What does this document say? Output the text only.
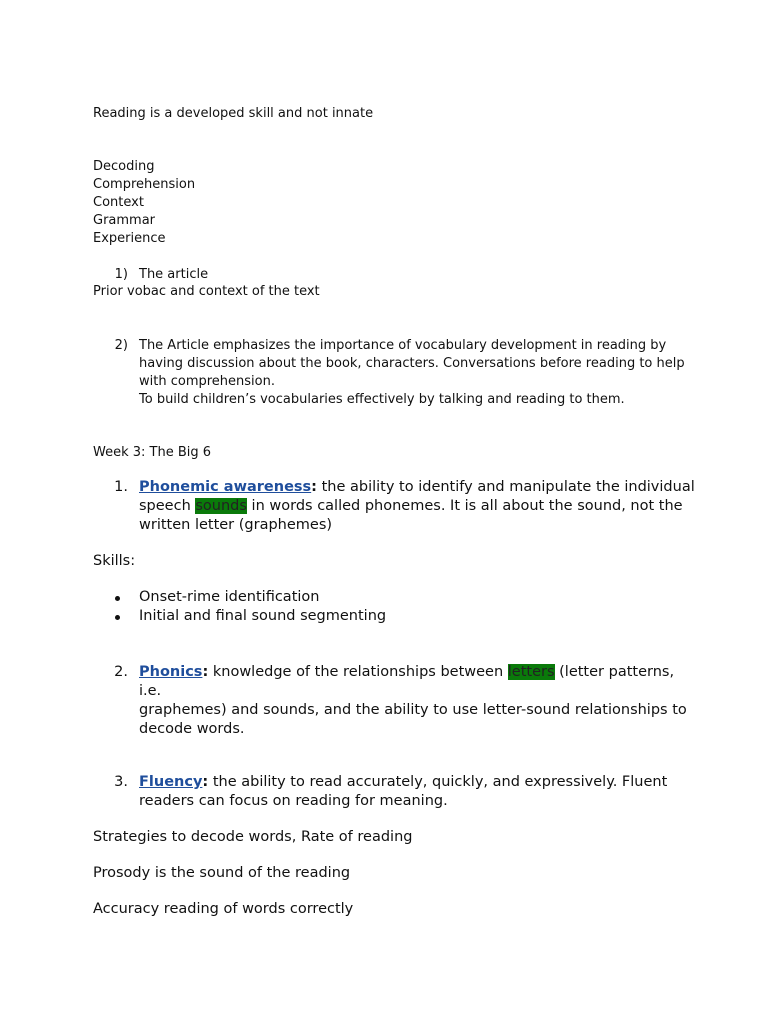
Reading is a developed skill and not innate
Decoding
Comprehension
Context
Grammar
Experience
1) The article
Prior vobac and context of the text
2) The Article emphasizes the importance of vocabulary development in reading by
having discussion about the book, characters. Conversations before reading to help
with comprehension.
To build children’s vocabularies effectively by talking and reading to them.
Week 3: The Big 6
1. Phonemic awareness: the ability to identify and manipulate the individual
speech sounds in words called phonemes. It is all about the sound, not the
written letter (graphemes)
Skills:
Onset-rime identification
Initial and final sound segmenting
2. Phonics: knowledge of the relationships between letters (letter patterns, i.e.
graphemes) and sounds, and the ability to use letter-sound relationships to
decode words.
3. Fluency: the ability to read accurately, quickly, and expressively. Fluent
readers can focus on reading for meaning.
Strategies to decode words, Rate of reading
Prosody is the sound of the reading
Accuracy reading of words correctly
